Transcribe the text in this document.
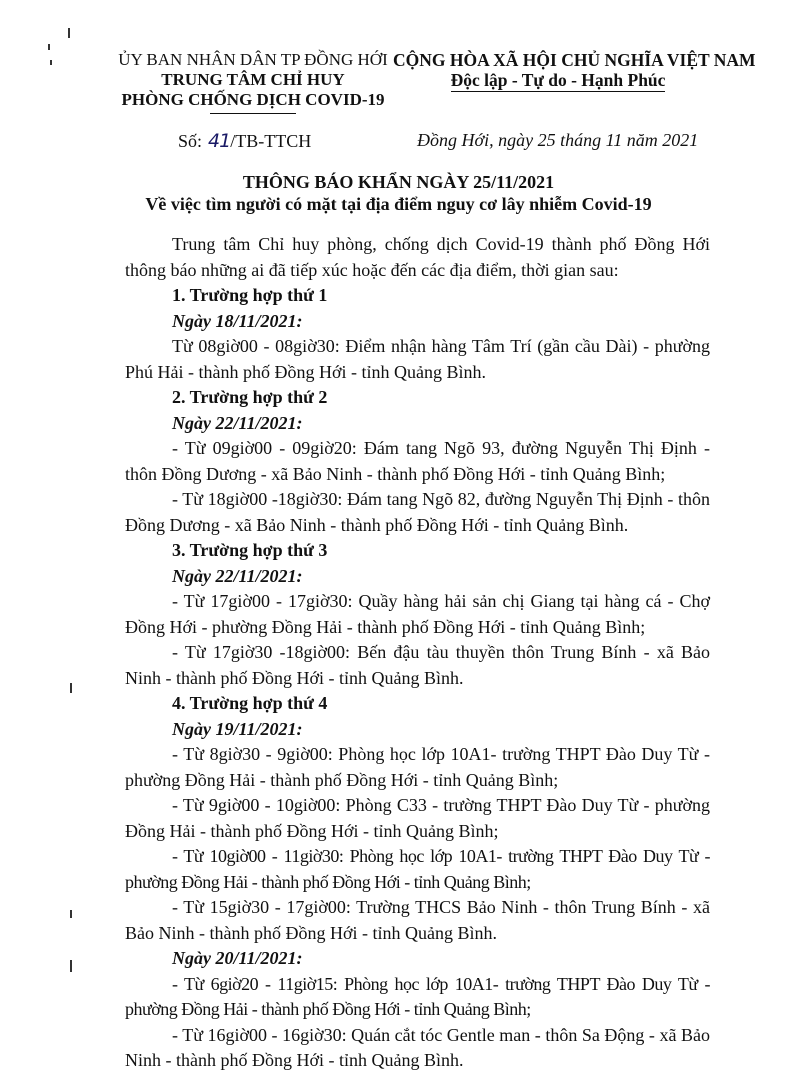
ỦY BAN NHÂN DÂN TP ĐỒNG HỚI
TRUNG TÂM CHỈ HUY
PHÒNG CHỐNG DỊCH COVID-19
CỘNG HÒA XÃ HỘI CHỦ NGHĨA VIỆT NAM
Độc lập - Tự do - Hạnh Phúc
Số: 41/TB-TTCH	Đồng Hới, ngày 25 tháng 11 năm 2021
THÔNG BÁO KHẨN NGÀY 25/11/2021
Về việc tìm người có mặt tại địa điểm nguy cơ lây nhiễm Covid-19
Trung tâm Chỉ huy phòng, chống dịch Covid-19 thành phố Đồng Hới thông báo những ai đã tiếp xúc hoặc đến các địa điểm, thời gian sau:
1. Trường hợp thứ 1
Ngày 18/11/2021:
Từ 08giờ00 - 08giờ30: Điểm nhận hàng Tâm Trí (gần cầu Dài) - phường Phú Hải - thành phố Đồng Hới - tỉnh Quảng Bình.
2. Trường hợp thứ 2
Ngày 22/11/2021:
- Từ 09giờ00 - 09giờ20: Đám tang Ngõ 93, đường Nguyễn Thị Định - thôn Đồng Dương - xã Bảo Ninh - thành phố Đồng Hới - tỉnh Quảng Bình;
- Từ 18giờ00 -18giờ30: Đám tang Ngõ 82, đường Nguyễn Thị Định - thôn Đồng Dương - xã Bảo Ninh - thành phố Đồng Hới - tỉnh Quảng Bình.
3. Trường hợp thứ 3
Ngày 22/11/2021:
- Từ 17giờ00 - 17giờ30: Quầy hàng hải sản chị Giang tại hàng cá - Chợ Đồng Hới - phường Đồng Hải - thành phố Đồng Hới - tỉnh Quảng Bình;
- Từ 17giờ30 -18giờ00: Bến đậu tàu thuyền thôn Trung Bính - xã Bảo Ninh - thành phố Đồng Hới - tỉnh Quảng Bình.
4. Trường hợp thứ 4
Ngày 19/11/2021:
- Từ 8giờ30 - 9giờ00: Phòng học lớp 10A1- trường THPT Đào Duy Từ - phường Đồng Hải - thành phố Đồng Hới - tỉnh Quảng Bình;
- Từ 9giờ00 - 10giờ00: Phòng C33 - trường THPT Đào Duy Từ - phường Đồng Hải - thành phố Đồng Hới - tỉnh Quảng Bình;
- Từ 10giờ00 - 11giờ30: Phòng học lớp 10A1- trường THPT Đào Duy Từ - phường Đồng Hải - thành phố Đồng Hới - tỉnh Quảng Bình;
- Từ 15giờ30 - 17giờ00: Trường THCS Bảo Ninh - thôn Trung Bính - xã Bảo Ninh - thành phố Đồng Hới - tỉnh Quảng Bình.
Ngày 20/11/2021:
- Từ 6giờ20 - 11giờ15: Phòng học lớp 10A1- trường THPT Đào Duy Từ - phường Đồng Hải - thành phố Đồng Hới - tỉnh Quảng Bình;
- Từ 16giờ00 - 16giờ30: Quán cắt tóc Gentle man - thôn Sa Động - xã Bảo Ninh - thành phố Đồng Hới - tỉnh Quảng Bình.
